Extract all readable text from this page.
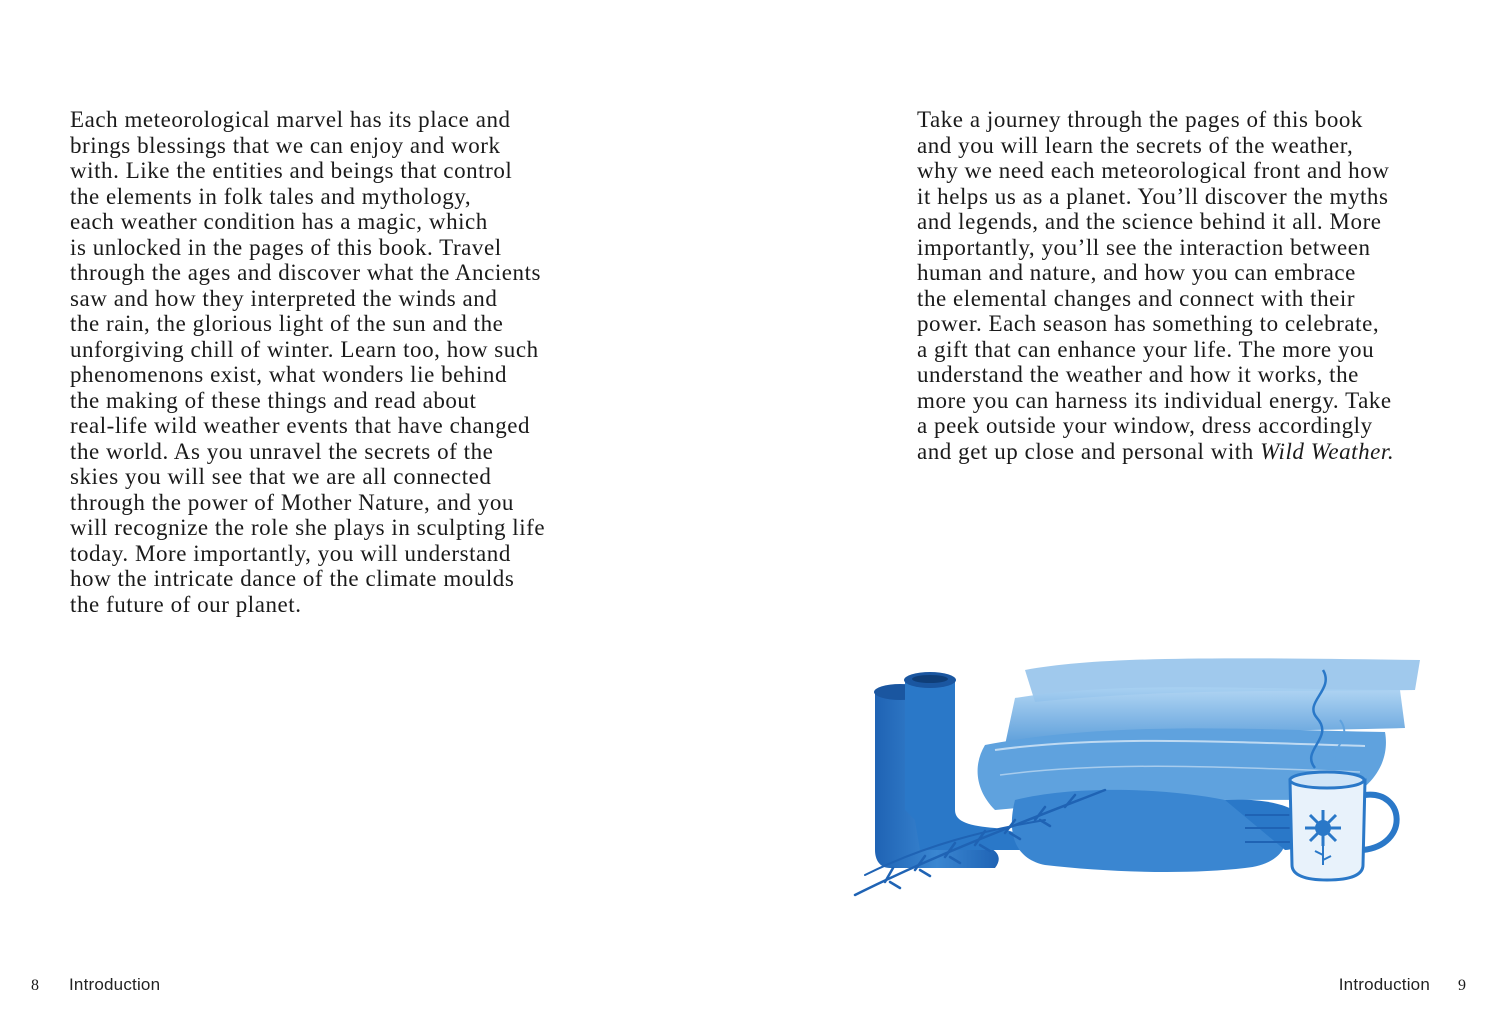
Each meteorological marvel has its place and
brings blessings that we can enjoy and work
with. Like the entities and beings that control
the elements in folk tales and mythology,
each weather condition has a magic, which
is unlocked in the pages of this book. Travel
through the ages and discover what the Ancients
saw and how they interpreted the winds and
the rain, the glorious light of the sun and the
unforgiving chill of winter. Learn too, how such
phenomenons exist, what wonders lie behind
the making of these things and read about
real-life wild weather events that have changed
the world. As you unravel the secrets of the
skies you will see that we are all connected
through the power of Mother Nature, and you
will recognize the role she plays in sculpting life
today. More importantly, you will understand
how the intricate dance of the climate moulds
the future of our planet.

8 Introduction

Take a journey through the pages of this book
and you will learn the secrets of the weather,
why we need each meteorological front and how
it helps us as a planet. You’ll discover the myths
and legends, and the science behind it all. More
importantly, you’ll see the interaction between
human and nature, and how you can embrace
the elemental changes and connect with their
power. Each season has something to celebrate,
a gift that can enhance your life. The more you
understand the weather and how it works, the
more you can harness its individual energy. Take
a peek outside your window, dress accordingly
and get up close and personal with Wild Weather.

Introduction 9
